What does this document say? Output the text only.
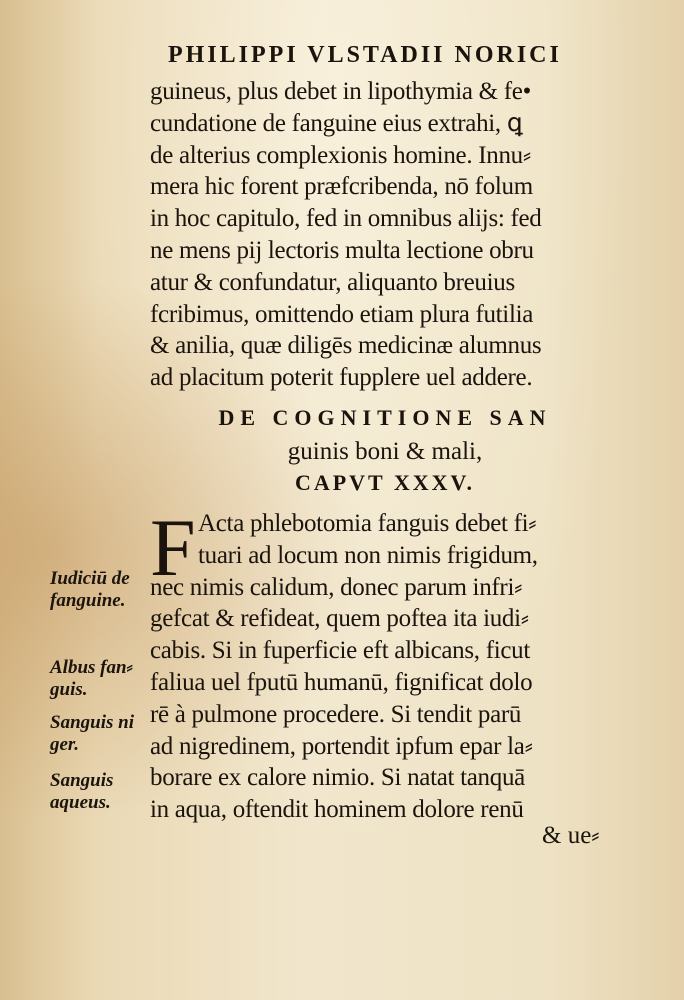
PHILIPPI VLSTADII NORICI
guineus, plus debet in lipothymia & fe•
cundatione de fanguine eius extrahi, ꝗ
de alterius complexionis homine. Innu⸗
mera hic forent præfcribenda, nō folum
in hoc capitulo, fed in omnibus alijs: fed
ne mens pij lectoris multa lectione obru
atur & confundatur, aliquanto breuius
fcribimus, omittendo etiam plura futilia
& anilia, quæ diligēs medicinæ alumnus
ad placitum poterit fupplere uel addere.
DE COGNITIONE SAN
guinis boni & mali,
CAPVT XXXV.
F Acta phlebotomia fanguis debet fi⸗
tuari ad locum non nimis frigidum,
nec nimis calidum, donec parum infri⸗
gefcat & refideat, quem poftea ita iudi⸗
cabis. Si in fuperficie eft albicans, ficut
faliua uel fputū humanū, fignificat dolo
rē à pulmone procedere. Si tendit parū
ad nigredinem, portendit ipfum epar la⸗
borare ex calore nimio. Si natat tanquā
in aqua, oftendit hominem dolore renū
Iudiciū de fanguine.
Albus fan⸗ guis.
Sanguis ni ger.
Sanguis aqueus.
& ue⸗
